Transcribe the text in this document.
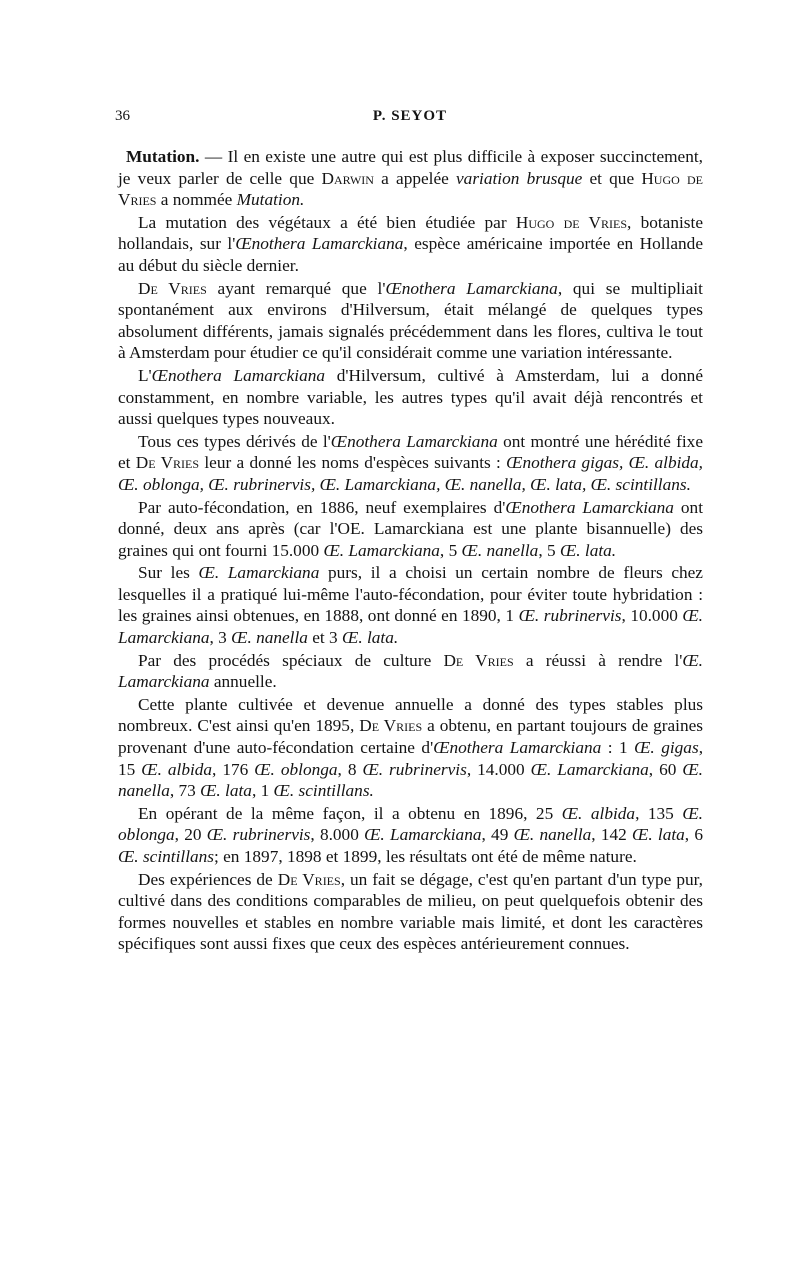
36	P. SEYOT

Mutation. — Il en existe une autre qui est plus difficile à exposer succinctement, je veux parler de celle que Darwin a appelée variation brusque et que Hugo de Vries a nommée Mutation.

La mutation des végétaux a été bien étudiée par Hugo de Vries, botaniste hollandais, sur l'Œnothera Lamarckiana, espèce américaine importée en Hollande au début du siècle dernier.

De Vries ayant remarqué que l'Œnothera Lamarckiana, qui se multipliait spontanément aux environs d'Hilversum, était mélangé de quelques types absolument différents, jamais signalés précédemment dans les flores, cultiva le tout à Amsterdam pour étudier ce qu'il considérait comme une variation intéressante.

L'Œnothera Lamarckiana d'Hilversum, cultivé à Amsterdam, lui a donné constamment, en nombre variable, les autres types qu'il avait déjà rencontrés et aussi quelques types nouveaux.

Tous ces types dérivés de l'Œnothera Lamarckiana ont montré une hérédité fixe et De Vries leur a donné les noms d'espèces suivants : Œnothera gigas, Œ. albida, Œ. oblonga, Œ. rubrinervis, Œ. Lamarckiana, Œ. nanella, Œ. lata, Œ. scintillans.

Par auto-fécondation, en 1886, neuf exemplaires d'Œnothera Lamarckiana ont donné, deux ans après (car l'OE. Lamarckiana est une plante bisannuelle) des graines qui ont fourni 15.000 Œ. Lamarckiana, 5 Œ. nanella, 5 Œ. lata.

Sur les Œ. Lamarckiana purs, il a choisi un certain nombre de fleurs chez lesquelles il a pratiqué lui-même l'auto-fécondation, pour éviter toute hybridation : les graines ainsi obtenues, en 1888, ont donné en 1890, 1 Œ. rubrinervis, 10.000 Œ. Lamarckiana, 3 Œ. nanella et 3 Œ. lata.

Par des procédés spéciaux de culture De Vries a réussi à rendre l'Œ. Lamarckiana annuelle.

Cette plante cultivée et devenue annuelle a donné des types stables plus nombreux. C'est ainsi qu'en 1895, De Vries a obtenu, en partant toujours de graines provenant d'une auto-fécondation certaine d'Œnothera Lamarckiana : 1 Œ. gigas, 15 Œ. albida, 176 Œ. oblonga, 8 Œ. rubrinervis, 14.000 Œ. Lamarckiana, 60 Œ. nanella, 73 Œ. lata, 1 Œ. scintillans.

En opérant de la même façon, il a obtenu en 1896, 25 Œ. albida, 135 Œ. oblonga, 20 Œ. rubrinervis, 8.000 Œ. Lamarckiana, 49 Œ. nanella, 142 Œ. lata, 6 Œ. scintillans; en 1897, 1898 et 1899, les résultats ont été de même nature.

Des expériences de De Vries, un fait se dégage, c'est qu'en partant d'un type pur, cultivé dans des conditions comparables de milieu, on peut quelquefois obtenir des formes nouvelles et stables en nombre variable mais limité, et dont les caractères spécifiques sont aussi fixes que ceux des espèces antérieurement connues.
